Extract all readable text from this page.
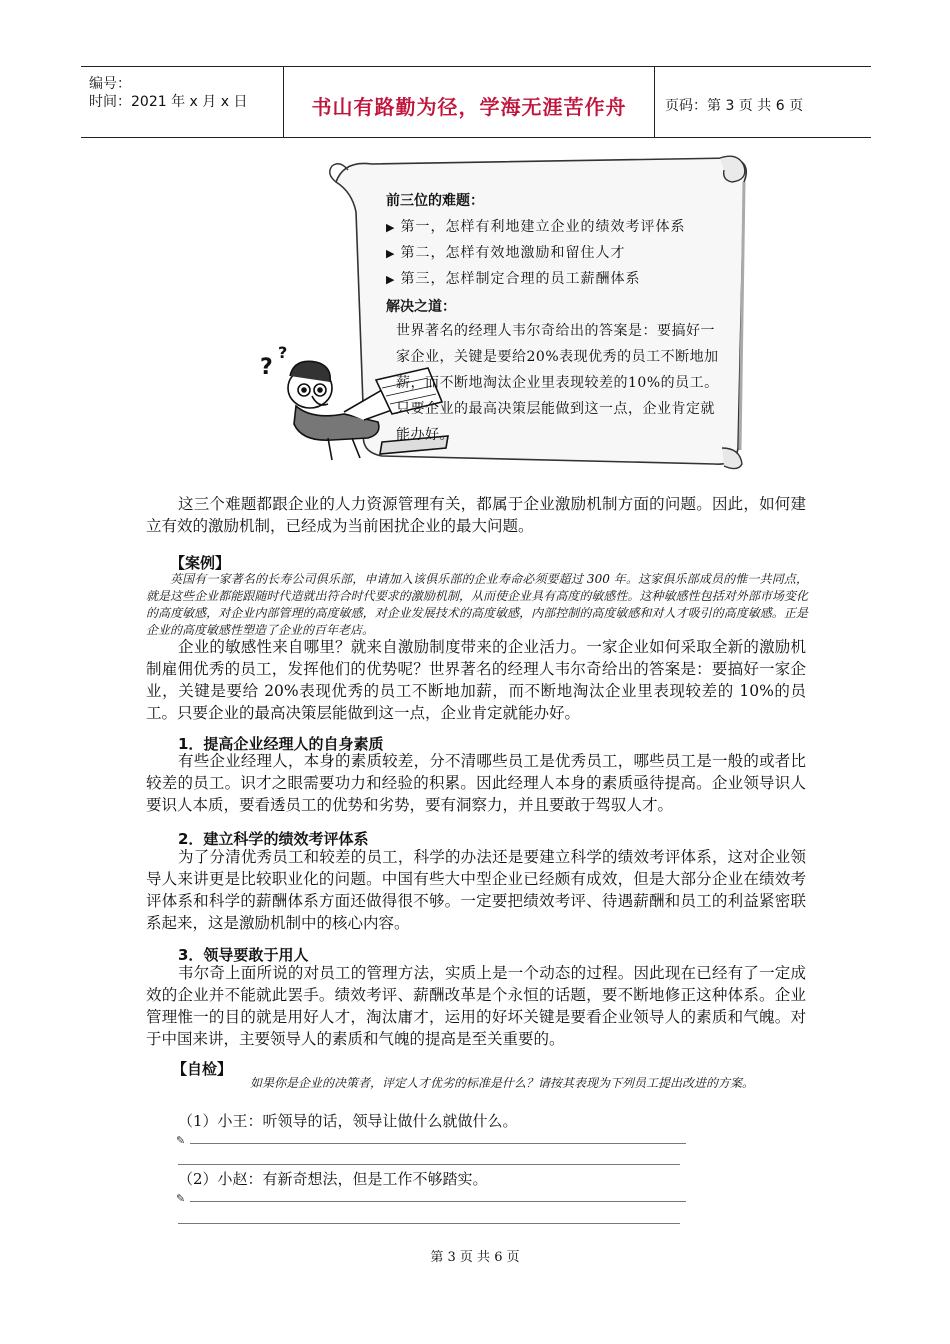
编号：
时间：2021 年 x 月 x 日	书山有路勤为径，学海无涯苦作舟	页码：第 3 页 共 6 页
?
?
前三位的难题：
▶ 第一，怎样有利地建立企业的绩效考评体系
▶ 第二，怎样有效地激励和留住人才
▶ 第三，怎样制定合理的员工薪酬体系
解决之道：
世界著名的经理人韦尔奇给出的答案是：要搞好一家企业，关键是要给20%表现优秀的员工不断地加薪，而不断地淘汰企业里表现较差的10%的员工。只要企业的最高决策层能做到这一点，企业肯定就能办好。
这三个难题都跟企业的人力资源管理有关，都属于企业激励机制方面的问题。因此，如何建立有效的激励机制，已经成为当前困扰企业的最大问题。
【案例】
英国有一家著名的长寿公司俱乐部，申请加入该俱乐部的企业寿命必须要超过 300 年。这家俱乐部成员的惟一共同点，就是这些企业都能跟随时代造就出符合时代要求的激励机制，从而使企业具有高度的敏感性。这种敏感性包括对外部市场变化的高度敏感，对企业内部管理的高度敏感，对企业发展技术的高度敏感，内部控制的高度敏感和对人才吸引的高度敏感。正是企业的高度敏感性塑造了企业的百年老店。
企业的敏感性来自哪里？就来自激励制度带来的企业活力。一家企业如何采取全新的激励机制雇佣优秀的员工，发挥他们的优势呢？世界著名的经理人韦尔奇给出的答案是：要搞好一家企业，关键是要给 20%表现优秀的员工不断地加薪，而不断地淘汰企业里表现较差的 10%的员工。只要企业的最高决策层能做到这一点，企业肯定就能办好。
1．提高企业经理人的自身素质
有些企业经理人，本身的素质较差，分不清哪些员工是优秀员工，哪些员工是一般的或者比较差的员工。识才之眼需要功力和经验的积累。因此经理人本身的素质亟待提高。企业领导识人要识人本质，要看透员工的优势和劣势，要有洞察力，并且要敢于驾驭人才。
2．建立科学的绩效考评体系
为了分清优秀员工和较差的员工，科学的办法还是要建立科学的绩效考评体系，这对企业领导人来讲更是比较职业化的问题。中国有些大中型企业已经颇有成效，但是大部分企业在绩效考评体系和科学的薪酬体系方面还做得很不够。一定要把绩效考评、待遇薪酬和员工的利益紧密联系起来，这是激励机制中的核心内容。
3．领导要敢于用人
韦尔奇上面所说的对员工的管理方法，实质上是一个动态的过程。因此现在已经有了一定成效的企业并不能就此罢手。绩效考评、薪酬改革是个永恒的话题，要不断地修正这种体系。企业管理惟一的目的就是用好人才，淘汰庸才，运用的好坏关键是要看企业领导人的素质和气魄。对于中国来讲，主要领导人的素质和气魄的提高是至关重要的。
【自检】
如果你是企业的决策者，评定人才优劣的标准是什么？请按其表现为下列员工提出改进的方案。
（1）小王：听领导的话，领导让做什么就做什么。
✎
（2）小赵：有新奇想法，但是工作不够踏实。
✎
第 3 页 共 6 页
